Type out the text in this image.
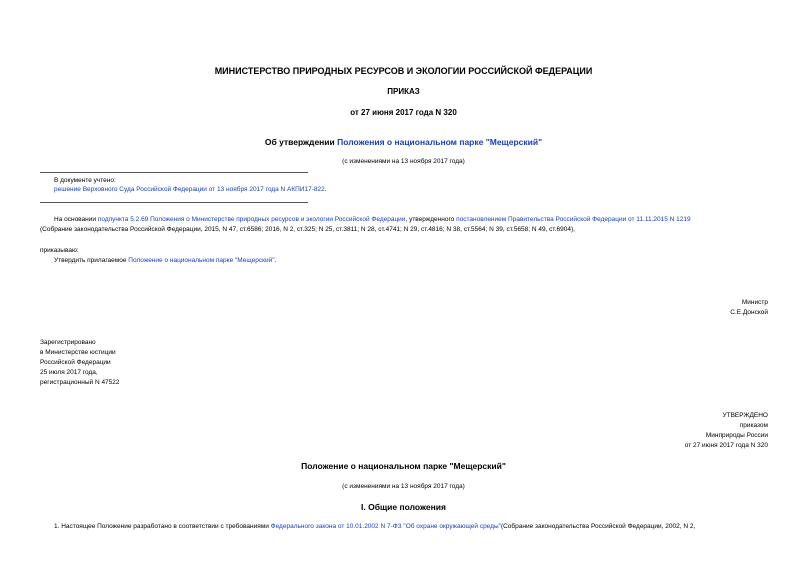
МИНИСТЕРСТВО ПРИРОДНЫХ РЕСУРСОВ И ЭКОЛОГИИ РОССИЙСКОЙ ФЕДЕРАЦИИ
ПРИКАЗ
от 27 июня 2017 года N 320
Об утверждении Положения о национальном парке "Мещерский"
(с изменениями на 13 ноября 2017 года)
В документе учтено:
решение Верховного Суда Российской Федерации от 13 ноября 2017 года N АКПИ17-822.
На основании подпункта 5.2.69 Положения о Министерстве природных ресурсов и экологии Российской Федерации, утвержденного постановлением Правительства Российской Федерации от 11.11.2015 N 1219
(Собрание законодательства Российской Федерации, 2015, N 47, ст.6586; 2016, N 2, ст.325; N 25, ст.3811; N 28, ст.4741; N 29, ст.4816; N 38, ст.5564; N 39, ст.5658; N 49, ст.6904),
приказываю:
Утвердить прилагаемое Положение о национальном парке "Мещерский".
Министр
С.Е.Донской
Зарегистрировано
в Министерстве юстиции
Российской Федерации
25 июля 2017 года,
регистрационный N 47522
УТВЕРЖДЕНО
приказом
Минприроды России
от 27 июня 2017 года N 320
Положение о национальном парке "Мещерский"
(с изменениями на 13 ноября 2017 года)
I. Общие положения
1. Настоящее Положение разработано в соответствии с требованиями Федерального закона от 10.01.2002 N 7-ФЗ "Об охране окружающей среды"(Собрание законодательства Российской Федерации, 2002, N 2,
